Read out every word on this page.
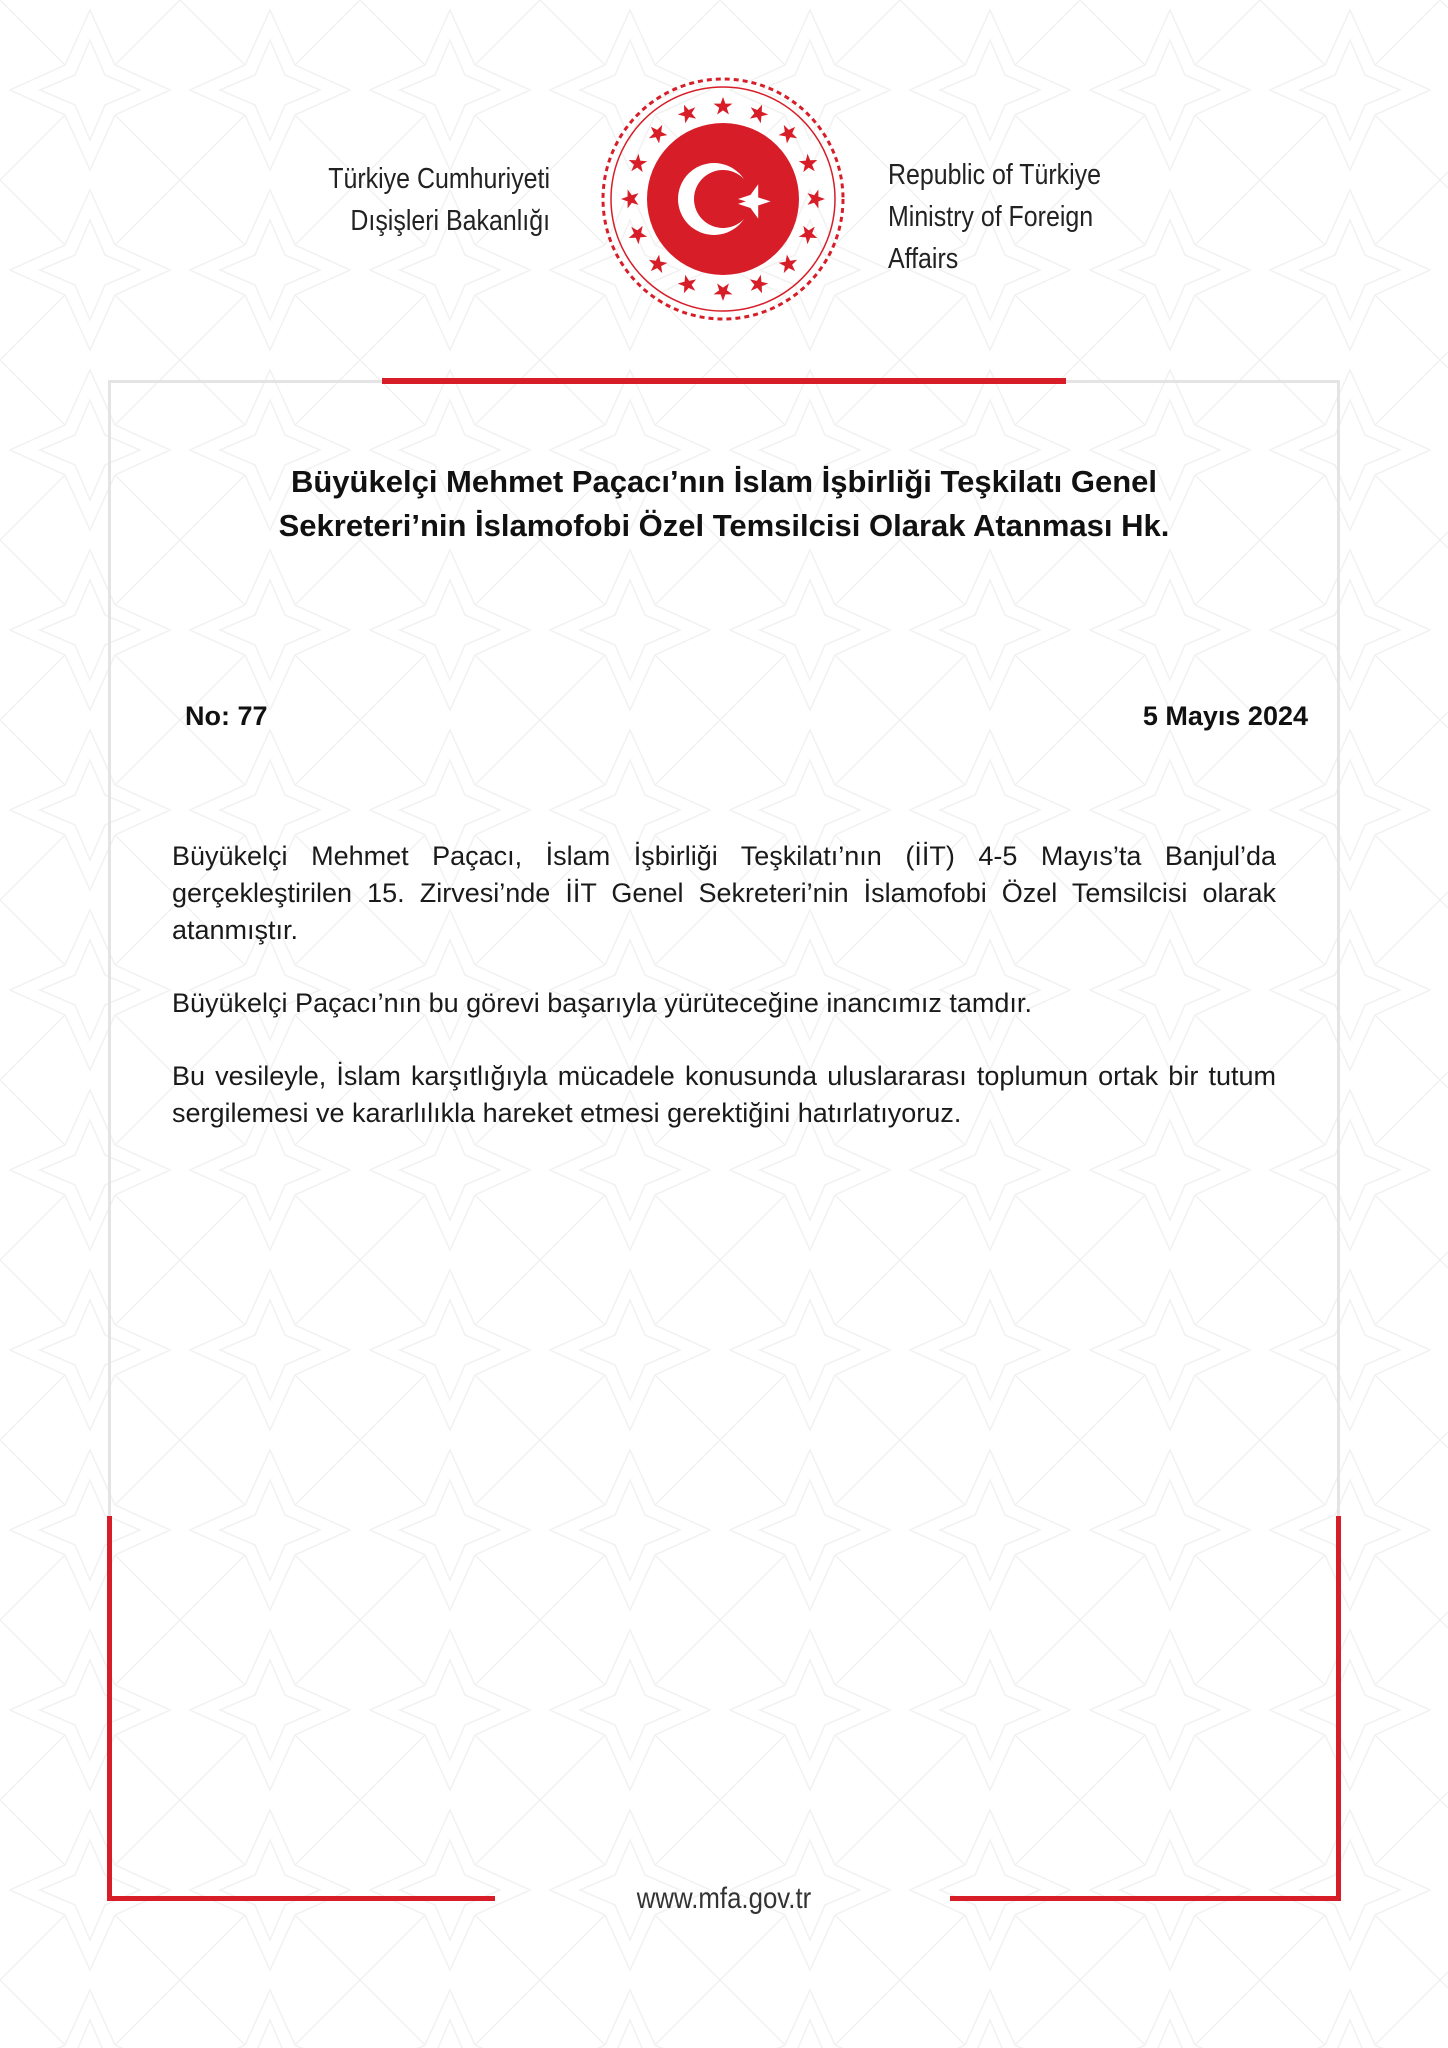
Türkiye Cumhuriyeti
Dışişleri Bakanlığı
Republic of Türkiye
Ministry of Foreign Affairs
Büyükelçi Mehmet Paçacı’nın İslam İşbirliği Teşkilatı Genel
Sekreteri’nin İslamofobi Özel Temsilcisi Olarak Atanması Hk.
No: 77	5 Mayıs 2024

Büyükelçi Mehmet Paçacı, İslam İşbirliği Teşkilatı’nın (İİT) 4-5 Mayıs’ta Banjul’da gerçekleştirilen 15. Zirvesi’nde İİT Genel Sekreteri’nin İslamofobi Özel Temsilcisi olarak atanmıştır.

Büyükelçi Paçacı’nın bu görevi başarıyla yürüteceğine inancımız tamdır.

Bu vesileyle, İslam karşıtlığıyla mücadele konusunda uluslararası toplumun ortak bir tutum sergilemesi ve kararlılıkla hareket etmesi gerektiğini hatırlatıyoruz.

www.mfa.gov.tr
